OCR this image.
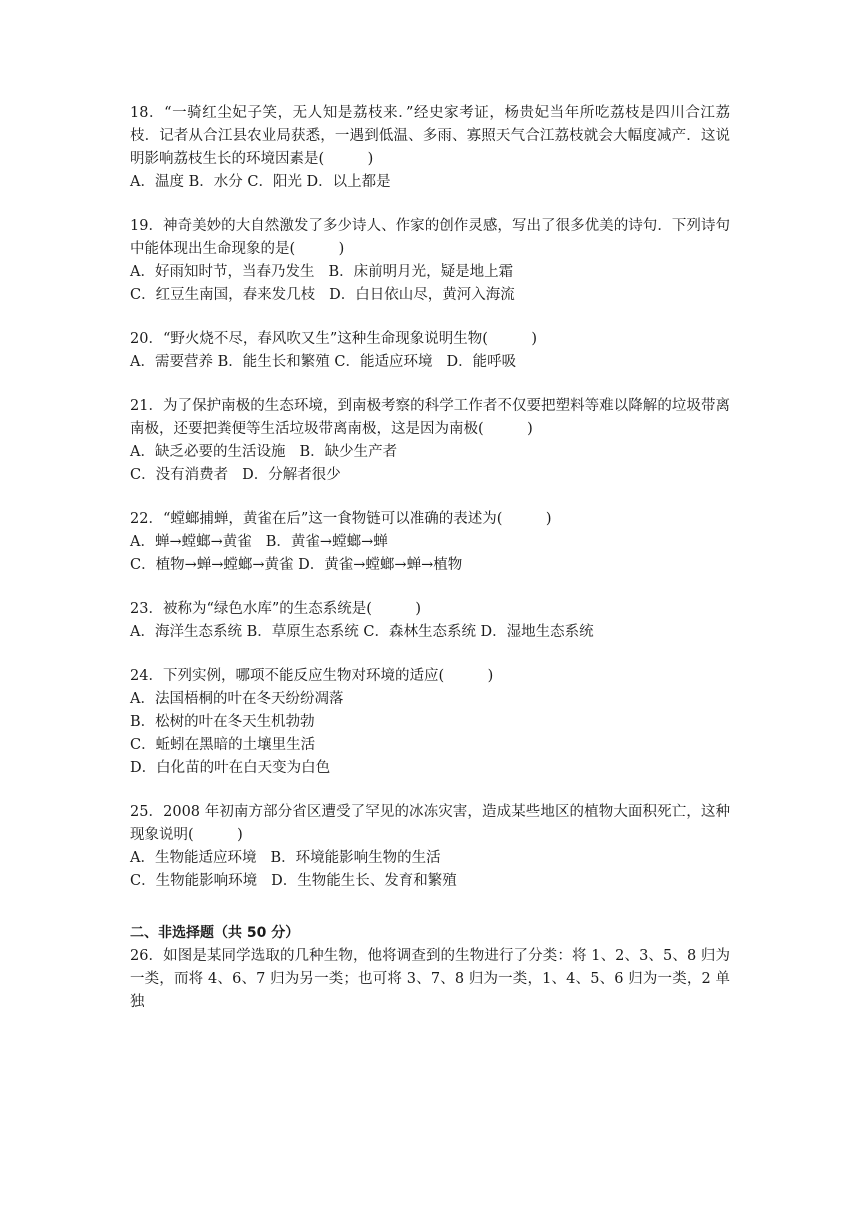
18．“一骑红尘妃子笑，无人知是荔枝来．”经史家考证，杨贵妃当年所吃荔枝是四川合江荔枝．记者从合江县农业局获悉，一遇到低温、多雨、寡照天气合江荔枝就会大幅度减产．这说明影响荔枝生长的环境因素是(　　　)

A．温度 B．水分 C．阳光 D．以上都是

19．神奇美妙的大自然激发了多少诗人、作家的创作灵感，写出了很多优美的诗句．下列诗句中能体现出生命现象的是(　　　)

A．好雨知时节，当春乃发生 B．床前明月光，疑是地上霜
C．红豆生南国，春来发几枝 D．白日依山尽，黄河入海流

20．“野火烧不尽，春风吹又生”这种生命现象说明生物(　　　)

A．需要营养 B．能生长和繁殖 C．能适应环境 D．能呼吸

21．为了保护南极的生态环境，到南极考察的科学工作者不仅要把塑料等难以降解的垃圾带离南极，还要把粪便等生活垃圾带离南极，这是因为南极(　　　)

A．缺乏必要的生活设施 B．缺少生产者
C．没有消费者 D．分解者很少

22．“螳螂捕蝉，黄雀在后”这一食物链可以准确的表述为(　　　)

A．蝉→螳螂→黄雀 B．黄雀→螳螂→蝉
C．植物→蝉→螳螂→黄雀 D．黄雀→螳螂→蝉→植物

23．被称为“绿色水库”的生态系统是(　　　)

A．海洋生态系统 B．草原生态系统 C．森林生态系统 D．湿地生态系统

24．下列实例，哪项不能反应生物对环境的适应(　　　)

A．法国梧桐的叶在冬天纷纷凋落
B．松树的叶在冬天生机勃勃
C．蚯蚓在黑暗的土壤里生活
D．白化苗的叶在白天变为白色

25．2008 年初南方部分省区遭受了罕见的冰冻灾害，造成某些地区的植物大面积死亡，这种现象说明(　　　)

A．生物能适应环境 B．环境能影响生物的生活
C．生物能影响环境 D．生物能生长、发育和繁殖
二、非选择题（共 50 分）

26．如图是某同学选取的几种生物，他将调查到的生物进行了分类：将 1、2、3、5、8 归为一类，而将 4、6、7 归为另一类；也可将 3、7、8 归为一类，1、4、5、6 归为一类，2 单独
